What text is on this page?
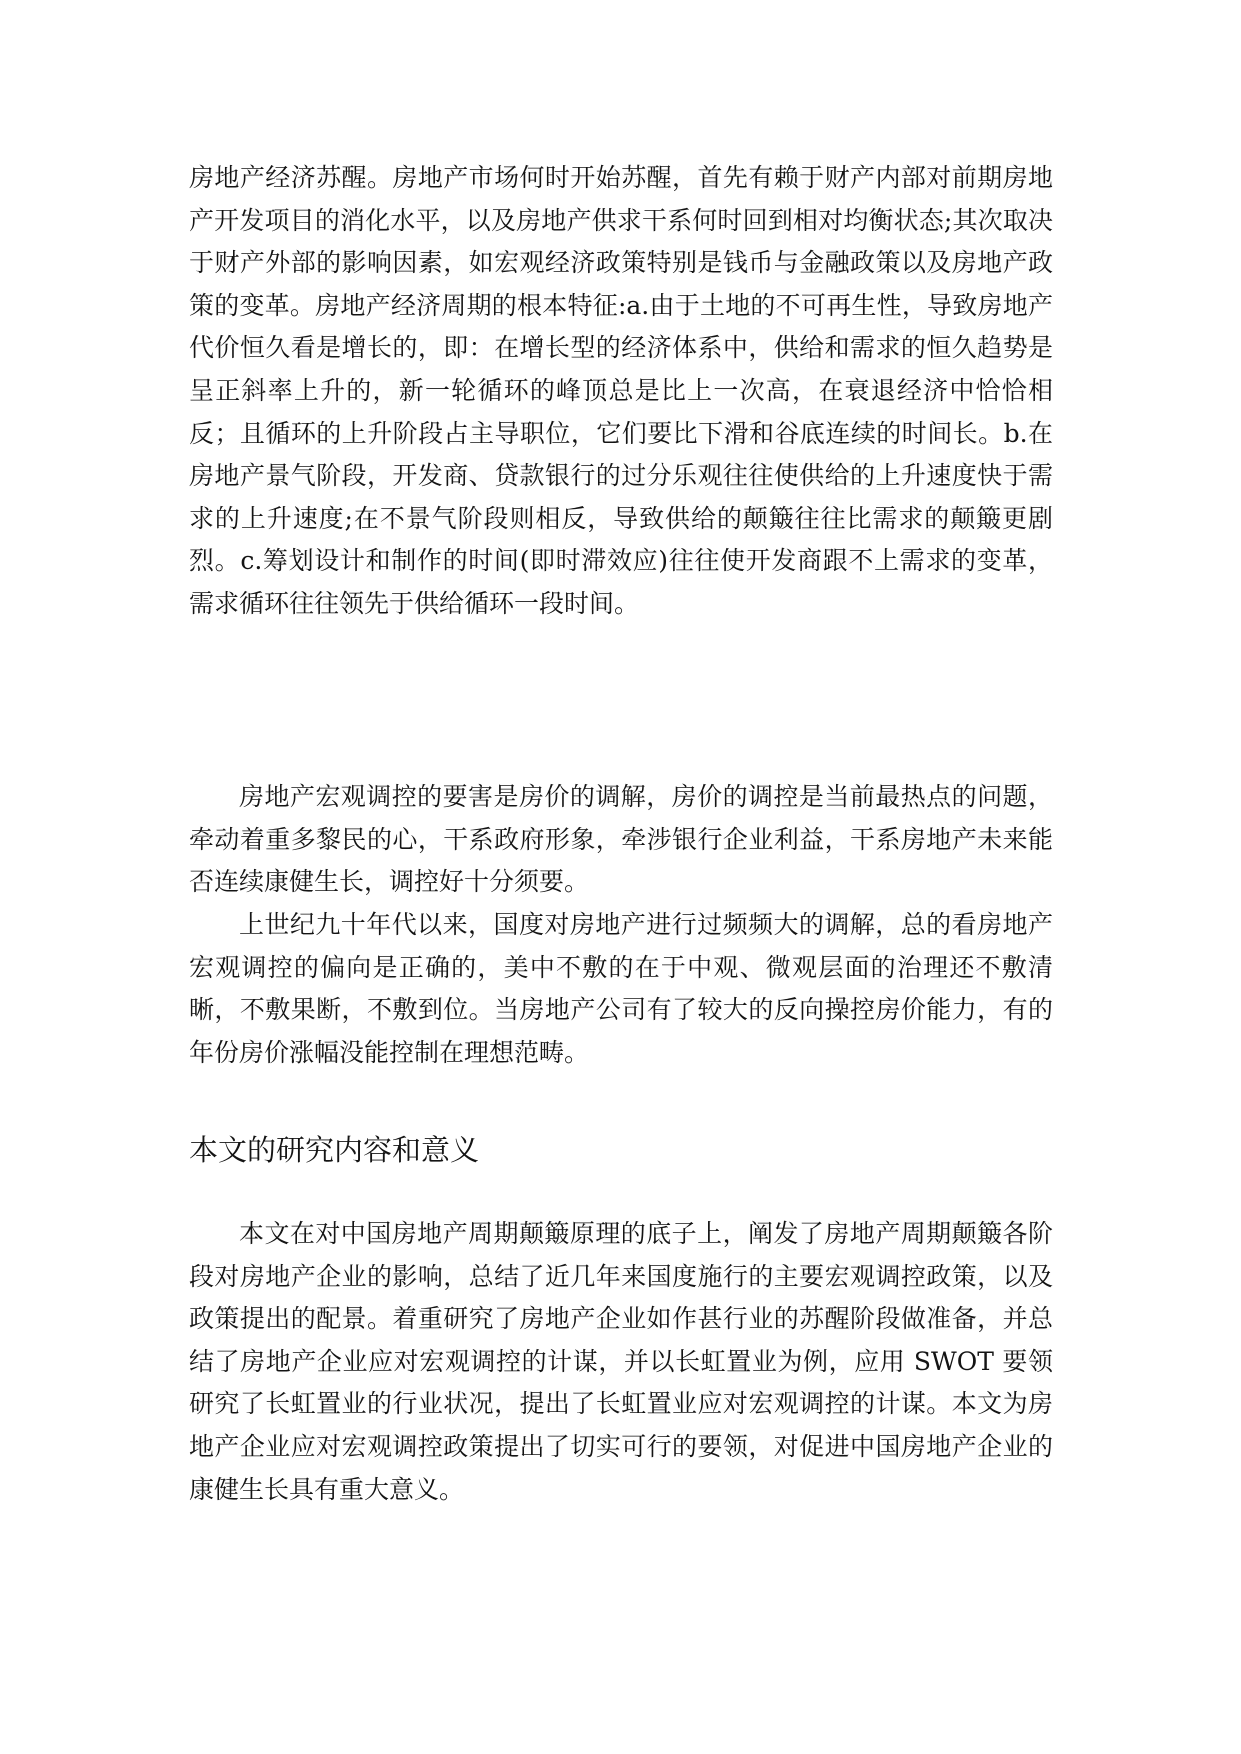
房地产经济苏醒。房地产市场何时开始苏醒，首先有赖于财产内部对前期房地产开发项目的消化水平，以及房地产供求干系何时回到相对均衡状态;其次取决于财产外部的影响因素，如宏观经济政策特别是钱币与金融政策以及房地产政策的变革。房地产经济周期的根本特征:a.由于土地的不可再生性，导致房地产代价恒久看是增长的，即：在增长型的经济体系中，供给和需求的恒久趋势是呈正斜率上升的，新一轮循环的峰顶总是比上一次高，在衰退经济中恰恰相反；且循环的上升阶段占主导职位，它们要比下滑和谷底连续的时间长。b.在房地产景气阶段，开发商、贷款银行的过分乐观往往使供给的上升速度快于需求的上升速度;在不景气阶段则相反，导致供给的颠簸往往比需求的颠簸更剧烈。c.筹划设计和制作的时间(即时滞效应)往往使开发商跟不上需求的变革，需求循环往往领先于供给循环一段时间。

房地产宏观调控的要害是房价的调解，房价的调控是当前最热点的问题，牵动着重多黎民的心，干系政府形象，牵涉银行企业利益，干系房地产未来能否连续康健生长，调控好十分须要。

上世纪九十年代以来，国度对房地产进行过频频大的调解，总的看房地产宏观调控的偏向是正确的，美中不敷的在于中观、微观层面的治理还不敷清晰，不敷果断，不敷到位。当房地产公司有了较大的反向操控房价能力，有的年份房价涨幅没能控制在理想范畴。

本文的研究内容和意义

本文在对中国房地产周期颠簸原理的底子上，阐发了房地产周期颠簸各阶段对房地产企业的影响，总结了近几年来国度施行的主要宏观调控政策，以及政策提出的配景。着重研究了房地产企业如作甚行业的苏醒阶段做准备，并总结了房地产企业应对宏观调控的计谋，并以长虹置业为例，应用 SWOT 要领研究了长虹置业的行业状况，提出了长虹置业应对宏观调控的计谋。本文为房地产企业应对宏观调控政策提出了切实可行的要领，对促进中国房地产企业的康健生长具有重大意义。
